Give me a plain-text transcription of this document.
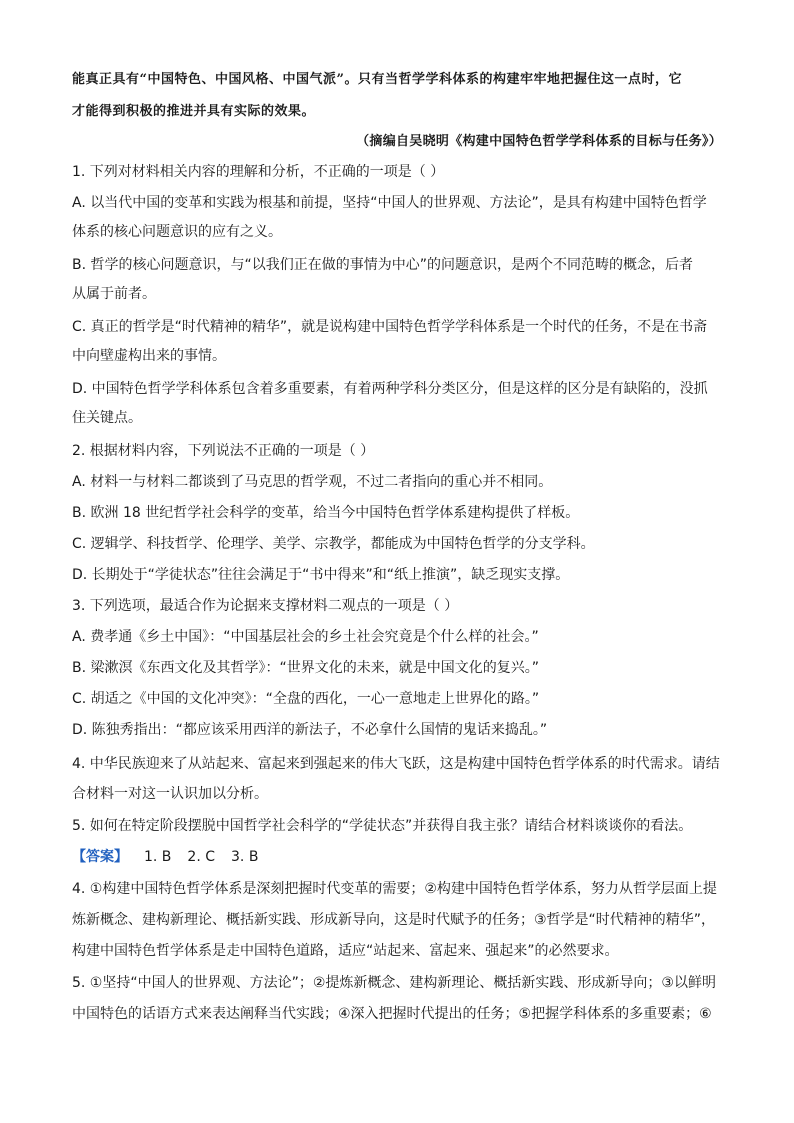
能真正具有“中国特色、中国风格、中国气派”。只有当哲学学科体系的构建牢牢地把握住这一点时，它
才能得到积极的推进并具有实际的效果。
（摘编自吴晓明《构建中国特色哲学学科体系的目标与任务》）
1. 下列对材料相关内容的理解和分析，不正确的一项是（ ）
A. 以当代中国的变革和实践为根基和前提，坚持“中国人的世界观、方法论”，是具有构建中国特色哲学
体系的核心问题意识的应有之义。
B. 哲学的核心问题意识，与“以我们正在做的事情为中心”的问题意识，是两个不同范畴的概念，后者
从属于前者。
C. 真正的哲学是“时代精神的精华”，就是说构建中国特色哲学学科体系是一个时代的任务，不是在书斋
中向壁虚构出来的事情。
D. 中国特色哲学学科体系包含着多重要素，有着两种学科分类区分，但是这样的区分是有缺陷的，没抓
住关键点。
2. 根据材料内容，下列说法不正确的一项是（ ）
A. 材料一与材料二都谈到了马克思的哲学观，不过二者指向的重心并不相同。
B. 欧洲 18 世纪哲学社会科学的变革，给当今中国特色哲学体系建构提供了样板。
C. 逻辑学、科技哲学、伦理学、美学、宗教学，都能成为中国特色哲学的分支学科。
D. 长期处于“学徒状态”往往会满足于“书中得来”和“纸上推演”，缺乏现实支撑。
3. 下列选项，最适合作为论据来支撑材料二观点的一项是（ ）
A. 费孝通《乡土中国》：“中国基层社会的乡土社会究竟是个什么样的社会。”
B. 梁漱溟《东西文化及其哲学》：“世界文化的未来，就是中国文化的复兴。”
C. 胡适之《中国的文化冲突》：“全盘的西化，一心一意地走上世界化的路。”
D. 陈独秀指出：“都应该采用西洋的新法子，不必拿什么国情的鬼话来捣乱。”
4. 中华民族迎来了从站起来、富起来到强起来的伟大飞跃，这是构建中国特色哲学体系的时代需求。请结
合材料一对这一认识加以分析。
5. 如何在特定阶段摆脱中国哲学社会科学的“学徒状态”并获得自我主张？请结合材料谈谈你的看法。
【答案】 1. B 2. C 3. B
4. ①构建中国特色哲学体系是深刻把握时代变革的需要；②构建中国特色哲学体系，努力从哲学层面上提
炼新概念、建构新理论、概括新实践、形成新导向，这是时代赋予的任务；③哲学是“时代精神的精华”，
构建中国特色哲学体系是走中国特色道路，适应“站起来、富起来、强起来”的必然要求。
5. ①坚持“中国人的世界观、方法论”；②提炼新概念、建构新理论、概括新实践、形成新导向；③以鲜明
中国特色的话语方式来表达阐释当代实践；④深入把握时代提出的任务；⑤把握学科体系的多重要素；⑥
